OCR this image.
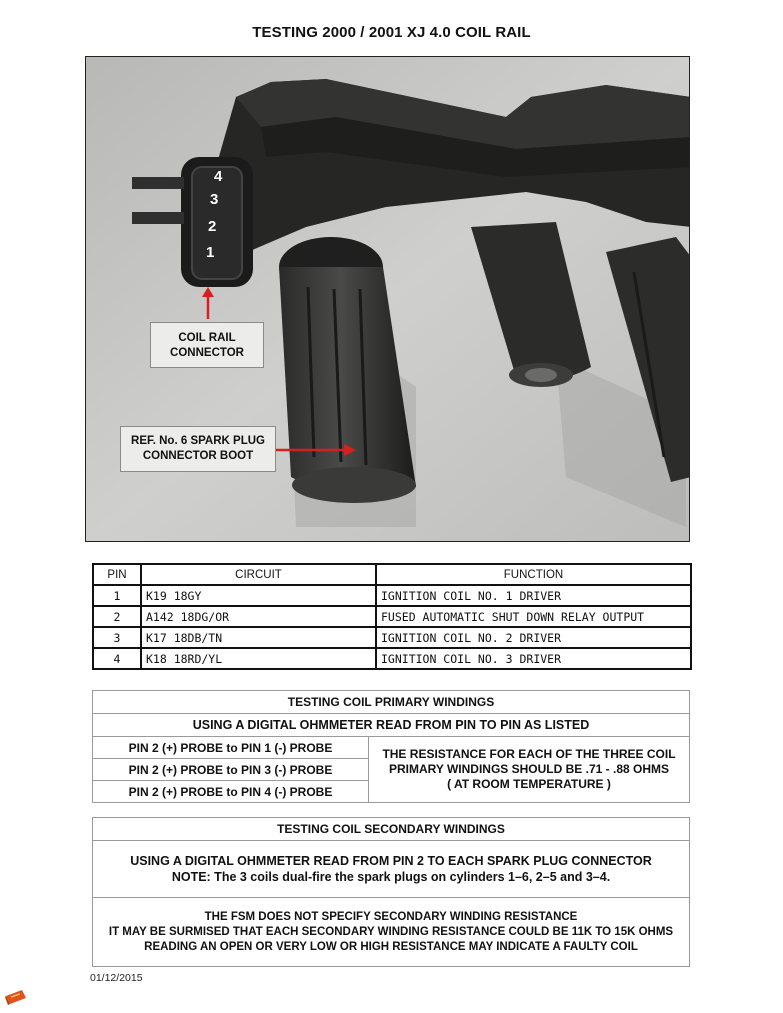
TESTING 2000 / 2001 XJ 4.0 COIL RAIL
4
3
2
1
COIL RAIL
CONNECTOR
REF. No. 6 SPARK PLUG
CONNECTOR BOOT
PIN	CIRCUIT	FUNCTION
1	K19 18GY	IGNITION COIL NO. 1 DRIVER
2	A142 18DG/OR	FUSED AUTOMATIC SHUT DOWN RELAY OUTPUT
3	K17 18DB/TN	IGNITION COIL NO. 2 DRIVER
4	K18 18RD/YL	IGNITION COIL NO. 3 DRIVER
TESTING COIL PRIMARY WINDINGS
USING A DIGITAL OHMMETER READ FROM PIN TO PIN AS LISTED
PIN 2 (+) PROBE to PIN 1 (-) PROBE	THE RESISTANCE FOR EACH OF THE THREE COIL
PRIMARY WINDINGS SHOULD BE .71 - .88 OHMS
( AT ROOM TEMPERATURE )

PIN 2 (+) PROBE to PIN 3 (-) PROBE
PIN 2 (+) PROBE to PIN 4 (-) PROBE
TESTING COIL SECONDARY WINDINGS

USING A DIGITAL OHMMETER READ FROM PIN 2 TO EACH SPARK PLUG CONNECTOR
NOTE: The 3 coils dual-fire the spark plugs on cylinders 1–6, 2–5 and 3–4.

THE FSM DOES NOT SPECIFY SECONDARY WINDING RESISTANCE
IT MAY BE SURMISED THAT EACH SECONDARY WINDING RESISTANCE COULD BE 11K TO 15K OHMS
READING AN OPEN OR VERY LOW OR HIGH RESISTANCE MAY INDICATE A FAULTY COIL
01/12/2015
